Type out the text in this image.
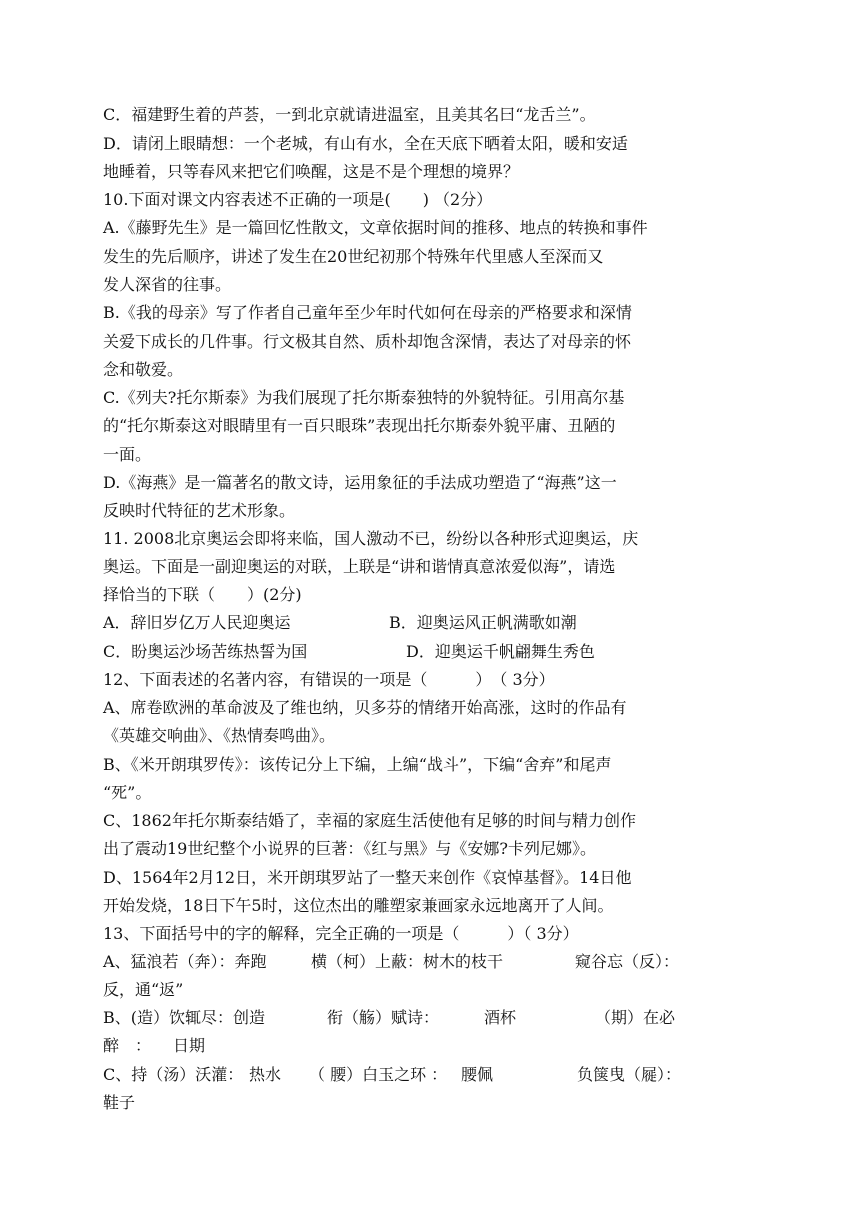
C．福建野生着的芦荟，一到北京就请进温室，且美其名曰“龙舌兰”。
D．请闭上眼睛想：一个老城，有山有水，全在天底下晒着太阳，暖和安适
地睡着，只等春风来把它们唤醒，这是不是个理想的境界？
10.下面对课文内容表述不正确的一项是(　　) （2分）
A.《藤野先生》是一篇回忆性散文，文章依据时间的推移、地点的转换和事件
发生的先后顺序，讲述了发生在20世纪初那个特殊年代里感人至深而又
发人深省的往事。
B.《我的母亲》写了作者自己童年至少年时代如何在母亲的严格要求和深情
关爱下成长的几件事。行文极其自然、质朴却饱含深情，表达了对母亲的怀
念和敬爱。
C.《列夫?托尔斯泰》为我们展现了托尔斯泰独特的外貌特征。引用高尔基
的“托尔斯泰这对眼睛里有一百只眼珠”表现出托尔斯泰外貌平庸、丑陋的
一面。
D.《海燕》是一篇著名的散文诗，运用象征的手法成功塑造了“海燕”这一
反映时代特征的艺术形象。
11. 2008北京奥运会即将来临，国人激动不已，纷纷以各种形式迎奥运，庆
奥运。下面是一副迎奥运的对联，上联是“讲和谐情真意浓爱似海”，请选
择恰当的下联（　　）(2分)
A．辞旧岁亿万人民迎奥运	B．迎奥运风正帆满歌如潮
C．盼奥运沙场苦练热誓为国	D．迎奥运千帆翩舞生秀色
12、下面表述的名著内容，有错误的一项是（　　　）　（ 3分）
A、席卷欧洲的革命波及了维也纳，贝多芬的情绪开始高涨，这时的作品有
《英雄交响曲》、《热情奏鸣曲》。
B、《米开朗琪罗传》：该传记分上下编，上编“战斗”，下编“舍弃”和尾声
“死”。
C、1862年托尔斯泰结婚了，幸福的家庭生活使他有足够的时间与精力创作
出了震动19世纪整个小说界的巨著：《红与黑》与《安娜?卡列尼娜》。
D、1564年2月12日，米开朗琪罗站了一整天来创作《哀悼基督》。14日他
开始发烧，18日下午5时，这位杰出的雕塑家兼画家永远地离开了人间。
13、下面括号中的字的解释，完全正确的一项是（　　　）（ 3分）
A、猛浪若（奔）：奔跑	横（柯）上蔽：树木的枝干	窥谷忘（反）：
反，通“返”
B、(造）饮辄尽：创造	衔（觞）赋诗：	酒杯	（期）在必
醉　： 日期
C、持（汤）沃灌： 热水 （ 腰）白玉之环 ： 腰佩	负箧曳（屣）：
鞋子
